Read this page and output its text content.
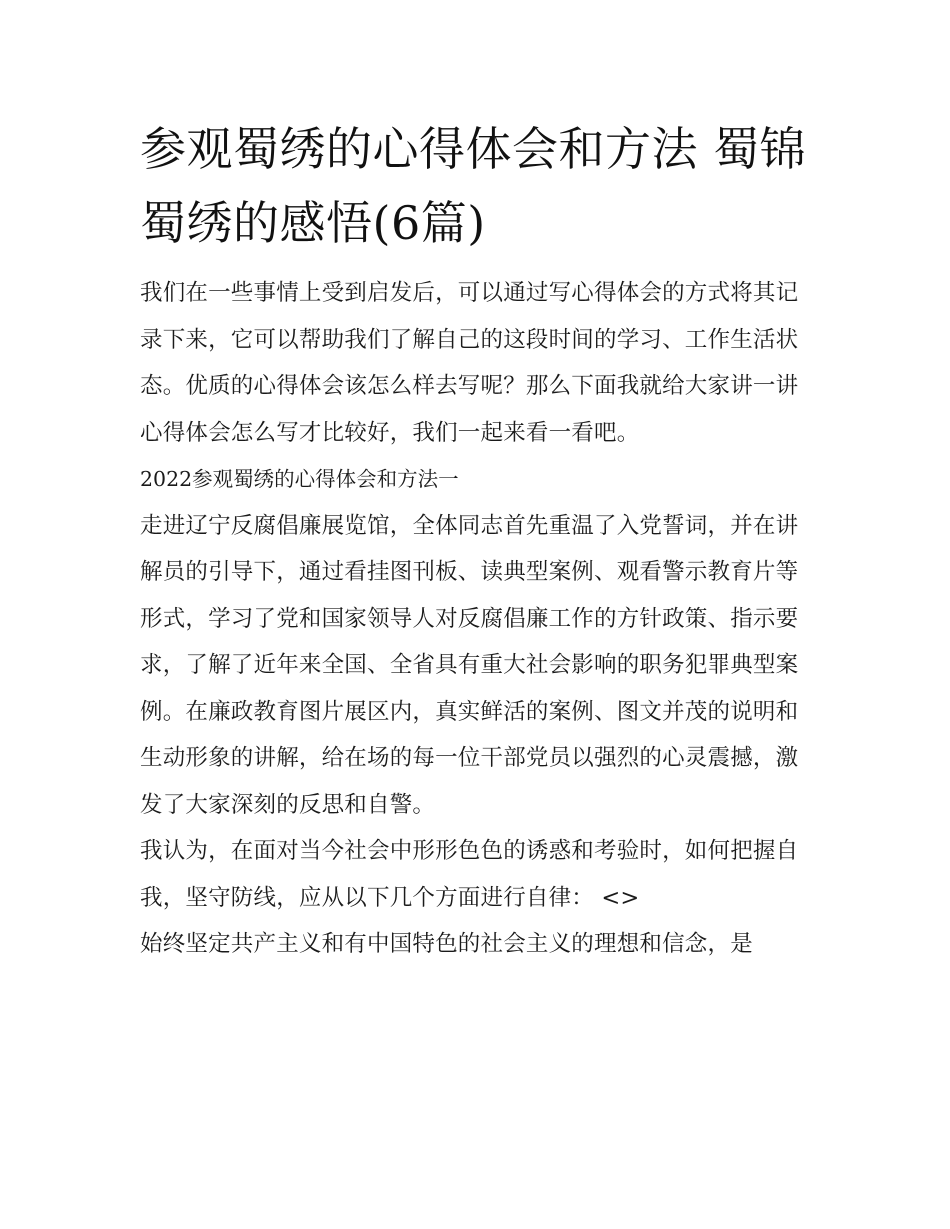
参观蜀绣的心得体会和方法 蜀锦蜀绣的感悟(6篇)

我们在一些事情上受到启发后，可以通过写心得体会的方式将其记录下来，它可以帮助我们了解自己的这段时间的学习、工作生活状态。优质的心得体会该怎么样去写呢？那么下面我就给大家讲一讲心得体会怎么写才比较好，我们一起来看一看吧。

2022参观蜀绣的心得体会和方法一

走进辽宁反腐倡廉展览馆，全体同志首先重温了入党誓词，并在讲解员的引导下，通过看挂图刊板、读典型案例、观看警示教育片等形式，学习了党和国家领导人对反腐倡廉工作的方针政策、指示要求，了解了近年来全国、全省具有重大社会影响的职务犯罪典型案例。在廉政教育图片展区内，真实鲜活的案例、图文并茂的说明和生动形象的讲解，给在场的每一位干部党员以强烈的心灵震撼，激发了大家深刻的反思和自警。

我认为，在面对当今社会中形形色色的诱惑和考验时，如何把握自我，坚守防线，应从以下几个方面进行自律： <>

始终坚定共产主义和有中国特色的社会主义的理想和信念，是
